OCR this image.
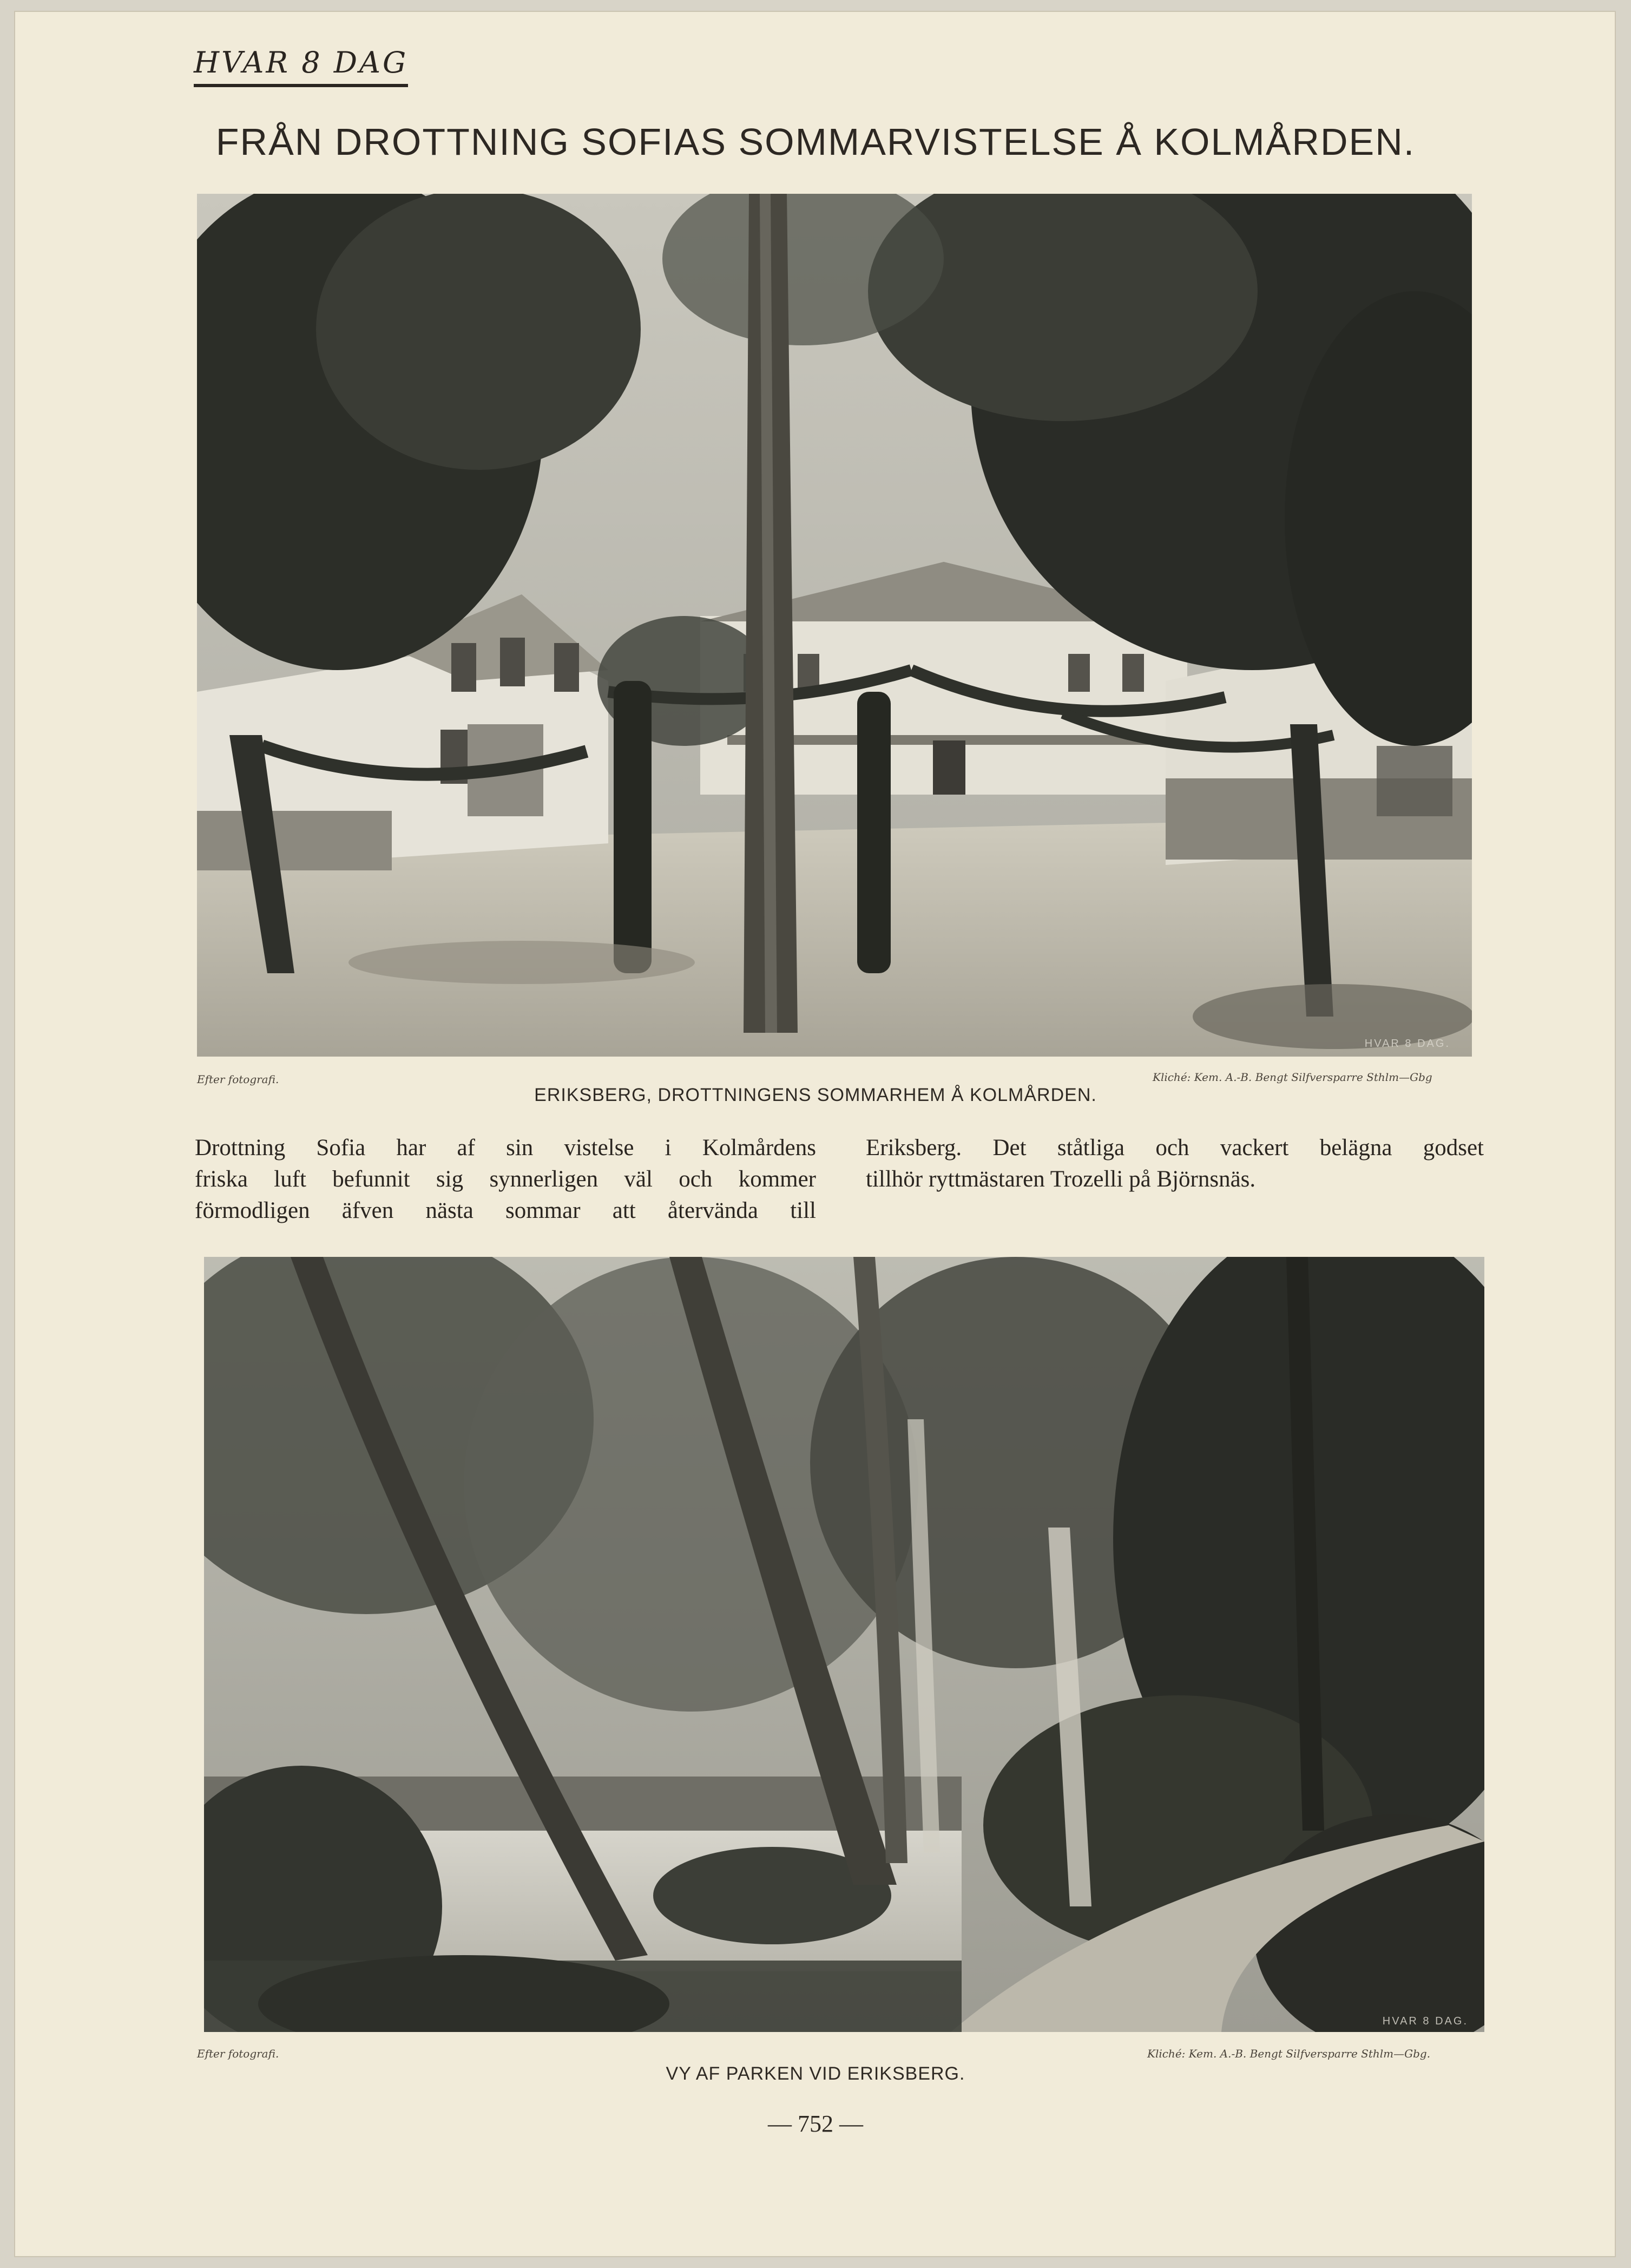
HVAR 8 DAG
FRÅN DROTTNING SOFIAS SOMMARVISTELSE Å KOLMÅRDEN.
HVAR 8 DAG.
Efter fotografi.	Kliché: Kem. A.-B. Bengt Silfversparre Sthlm—Gbg
ERIKSBERG, DROTTNINGENS SOMMARHEM Å KOLMÅRDEN.
Drottning Sofia har af sin vistelse i Kolmårdens
friska luft befunnit sig synnerligen väl och kommer
förmodligen äfven nästa sommar att återvända till
Eriksberg. Det ståtliga och vackert belägna godset
tillhör ryttmästaren Trozelli på Björnsnäs.
HVAR 8 DAG.
Efter fotografi.	Kliché: Kem. A.-B. Bengt Silfversparre Sthlm—Gbg.
VY AF PARKEN VID ERIKSBERG.
— 752 —
